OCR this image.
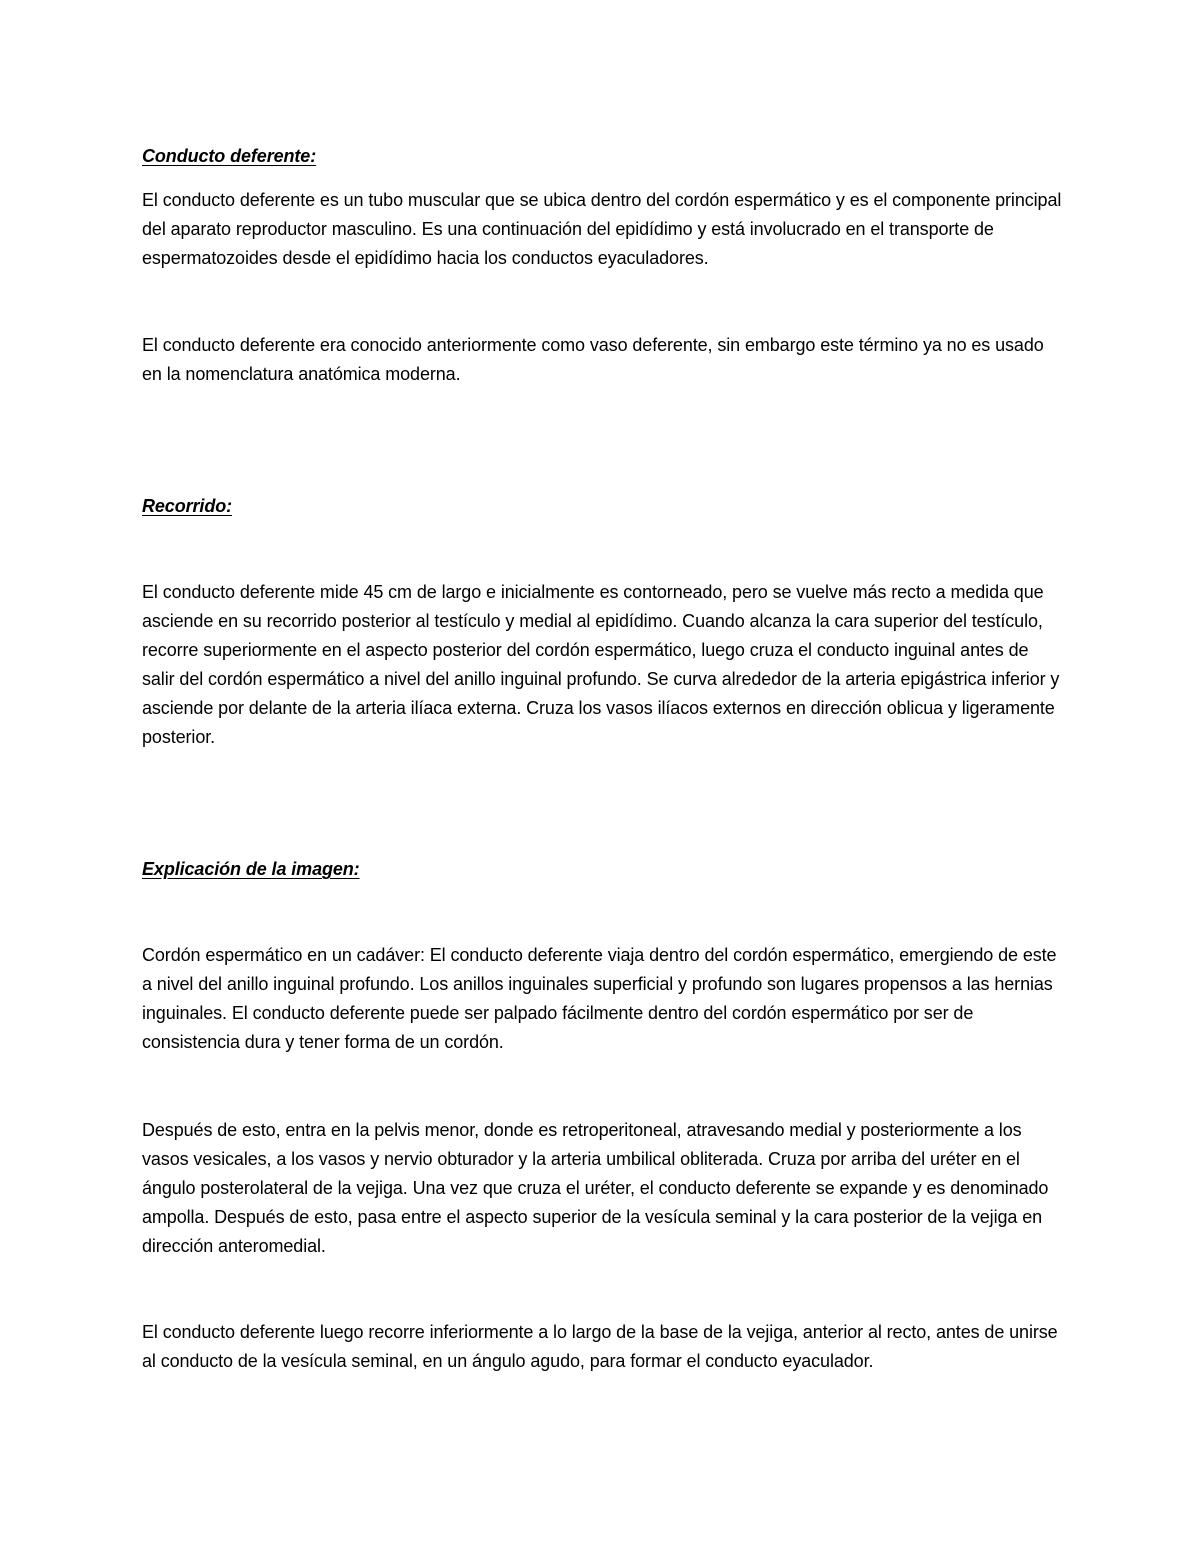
Conducto deferente:

El conducto deferente es un tubo muscular que se ubica dentro del cordón espermático y es el componente principal del aparato reproductor masculino. Es una continuación del epidídimo y está involucrado en el transporte de espermatozoides desde el epidídimo hacia los conductos eyaculadores.

El conducto deferente era conocido anteriormente como vaso deferente, sin embargo este término ya no es usado en la nomenclatura anatómica moderna.

Recorrido:

El conducto deferente mide 45 cm de largo e inicialmente es contorneado, pero se vuelve más recto a medida que asciende en su recorrido posterior al testículo y medial al epidídimo. Cuando alcanza la cara superior del testículo, recorre superiormente en el aspecto posterior del cordón espermático, luego cruza el conducto inguinal antes de salir del cordón espermático a nivel del anillo inguinal profundo. Se curva alrededor de la arteria epigástrica inferior y asciende por delante de la arteria ilíaca externa. Cruza los vasos ilíacos externos en dirección oblicua y ligeramente posterior.

Explicación de la imagen:

Cordón espermático en un cadáver: El conducto deferente viaja dentro del cordón espermático, emergiendo de este a nivel del anillo inguinal profundo. Los anillos inguinales superficial y profundo son lugares propensos a las hernias inguinales. El conducto deferente puede ser palpado fácilmente dentro del cordón espermático por ser de consistencia dura y tener forma de un cordón.

Después de esto, entra en la pelvis menor, donde es retroperitoneal, atravesando medial y posteriormente a los vasos vesicales, a los vasos y nervio obturador y la arteria umbilical obliterada. Cruza por arriba del uréter en el ángulo posterolateral de la vejiga. Una vez que cruza el uréter, el conducto deferente se expande y es denominado ampolla. Después de esto, pasa entre el aspecto superior de la vesícula seminal y la cara posterior de la vejiga en dirección anteromedial.

El conducto deferente luego recorre inferiormente a lo largo de la base de la vejiga, anterior al recto, antes de unirse al conducto de la vesícula seminal, en un ángulo agudo, para formar el conducto eyaculador.
